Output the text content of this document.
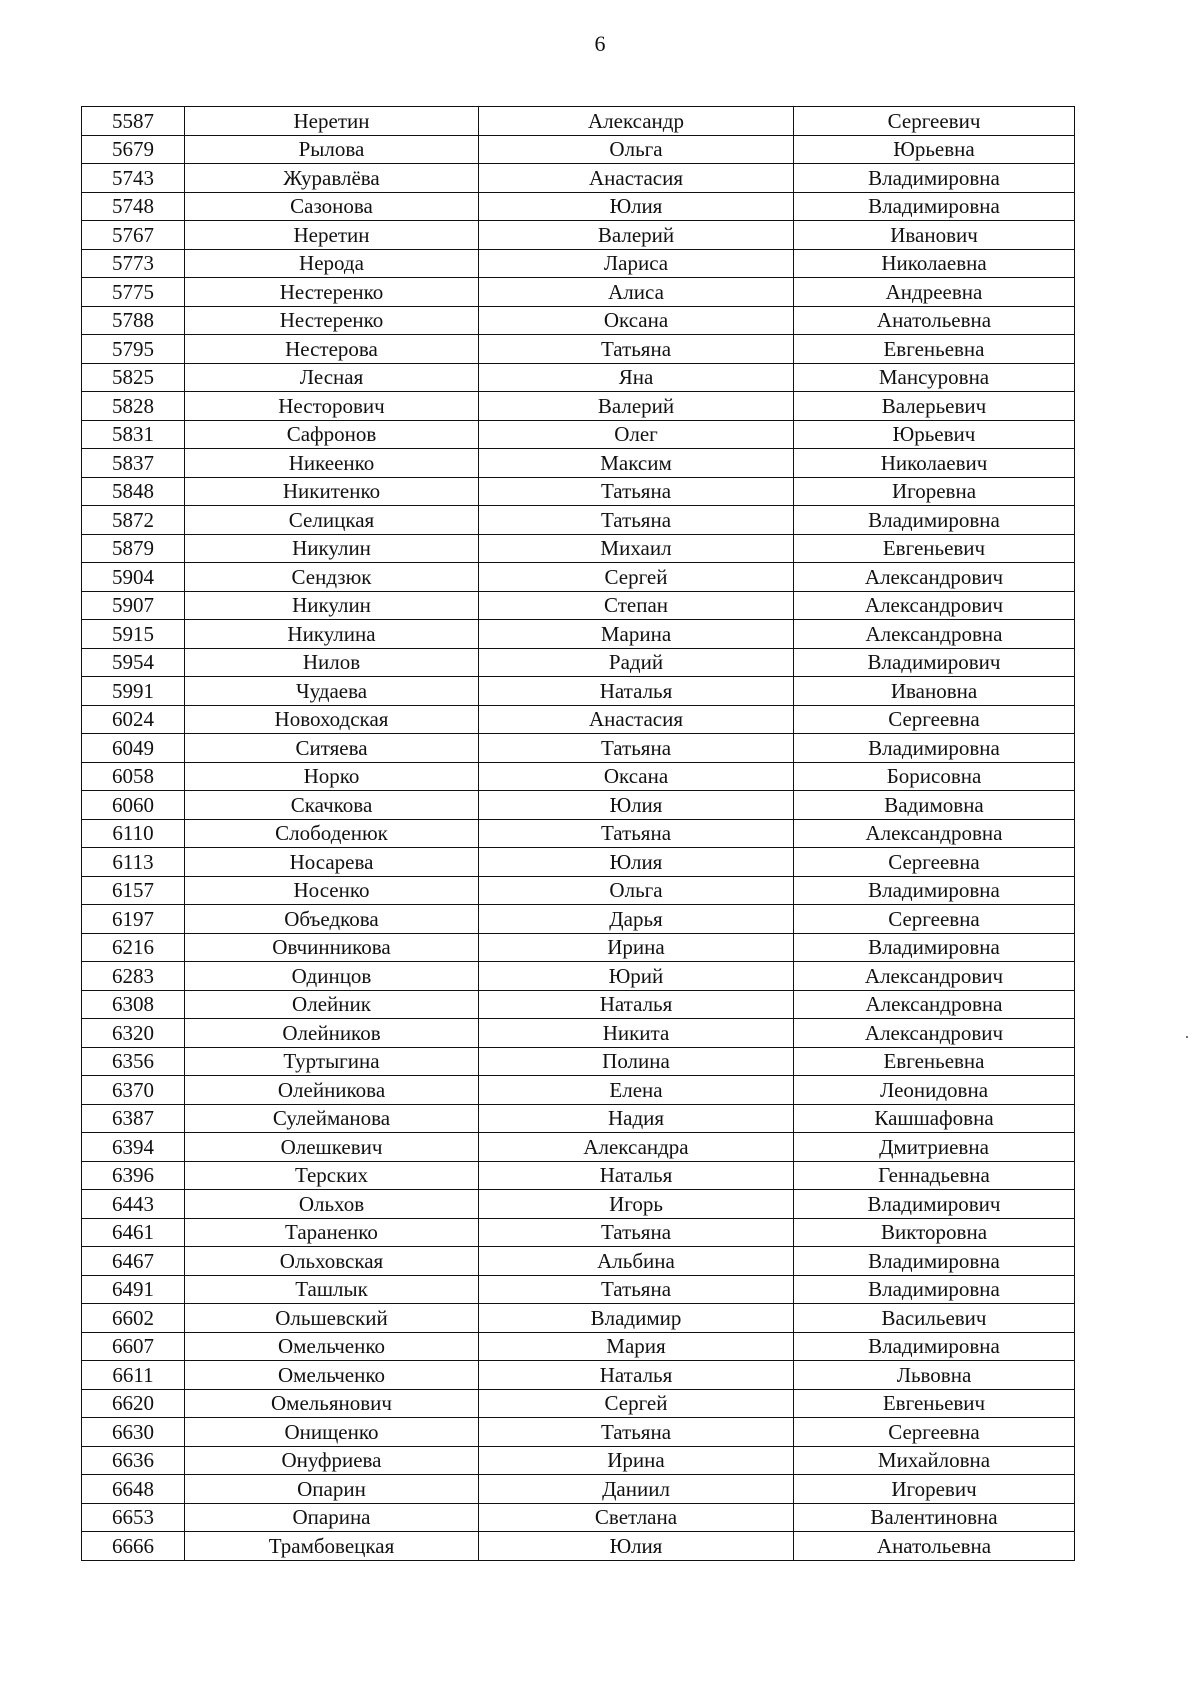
6
5587	Неретин	Александр	Сергеевич
5679	Рылова	Ольга	Юрьевна
5743	Журавлёва	Анастасия	Владимировна
5748	Сазонова	Юлия	Владимировна
5767	Неретин	Валерий	Иванович
5773	Нерода	Лариса	Николаевна
5775	Нестеренко	Алиса	Андреевна
5788	Нестеренко	Оксана	Анатольевна
5795	Нестерова	Татьяна	Евгеньевна
5825	Лесная	Яна	Мансуровна
5828	Несторович	Валерий	Валерьевич
5831	Сафронов	Олег	Юрьевич
5837	Никеенко	Максим	Николаевич
5848	Никитенко	Татьяна	Игоревна
5872	Селицкая	Татьяна	Владимировна
5879	Никулин	Михаил	Евгеньевич
5904	Сендзюк	Сергей	Александрович
5907	Никулин	Степан	Александрович
5915	Никулина	Марина	Александровна
5954	Нилов	Радий	Владимирович
5991	Чудаева	Наталья	Ивановна
6024	Новоходская	Анастасия	Сергеевна
6049	Ситяева	Татьяна	Владимировна
6058	Норко	Оксана	Борисовна
6060	Скачкова	Юлия	Вадимовна
6110	Слободенюк	Татьяна	Александровна
6113	Носарева	Юлия	Сергеевна
6157	Носенко	Ольга	Владимировна
6197	Объедкова	Дарья	Сергеевна
6216	Овчинникова	Ирина	Владимировна
6283	Одинцов	Юрий	Александрович
6308	Олейник	Наталья	Александровна
6320	Олейников	Никита	Александрович
6356	Туртыгина	Полина	Евгеньевна
6370	Олейникова	Елена	Леонидовна
6387	Сулейманова	Надия	Кашшафовна
6394	Олешкевич	Александра	Дмитриевна
6396	Терских	Наталья	Геннадьевна
6443	Ольхов	Игорь	Владимирович
6461	Тараненко	Татьяна	Викторовна
6467	Ольховская	Альбина	Владимировна
6491	Ташлык	Татьяна	Владимировна
6602	Ольшевский	Владимир	Васильевич
6607	Омельченко	Мария	Владимировна
6611	Омельченко	Наталья	Львовна
6620	Омельянович	Сергей	Евгеньевич
6630	Онищенко	Татьяна	Сергеевна
6636	Онуфриева	Ирина	Михайловна
6648	Опарин	Даниил	Игоревич
6653	Опарина	Светлана	Валентиновна
6666	Трамбовецкая	Юлия	Анатольевна
